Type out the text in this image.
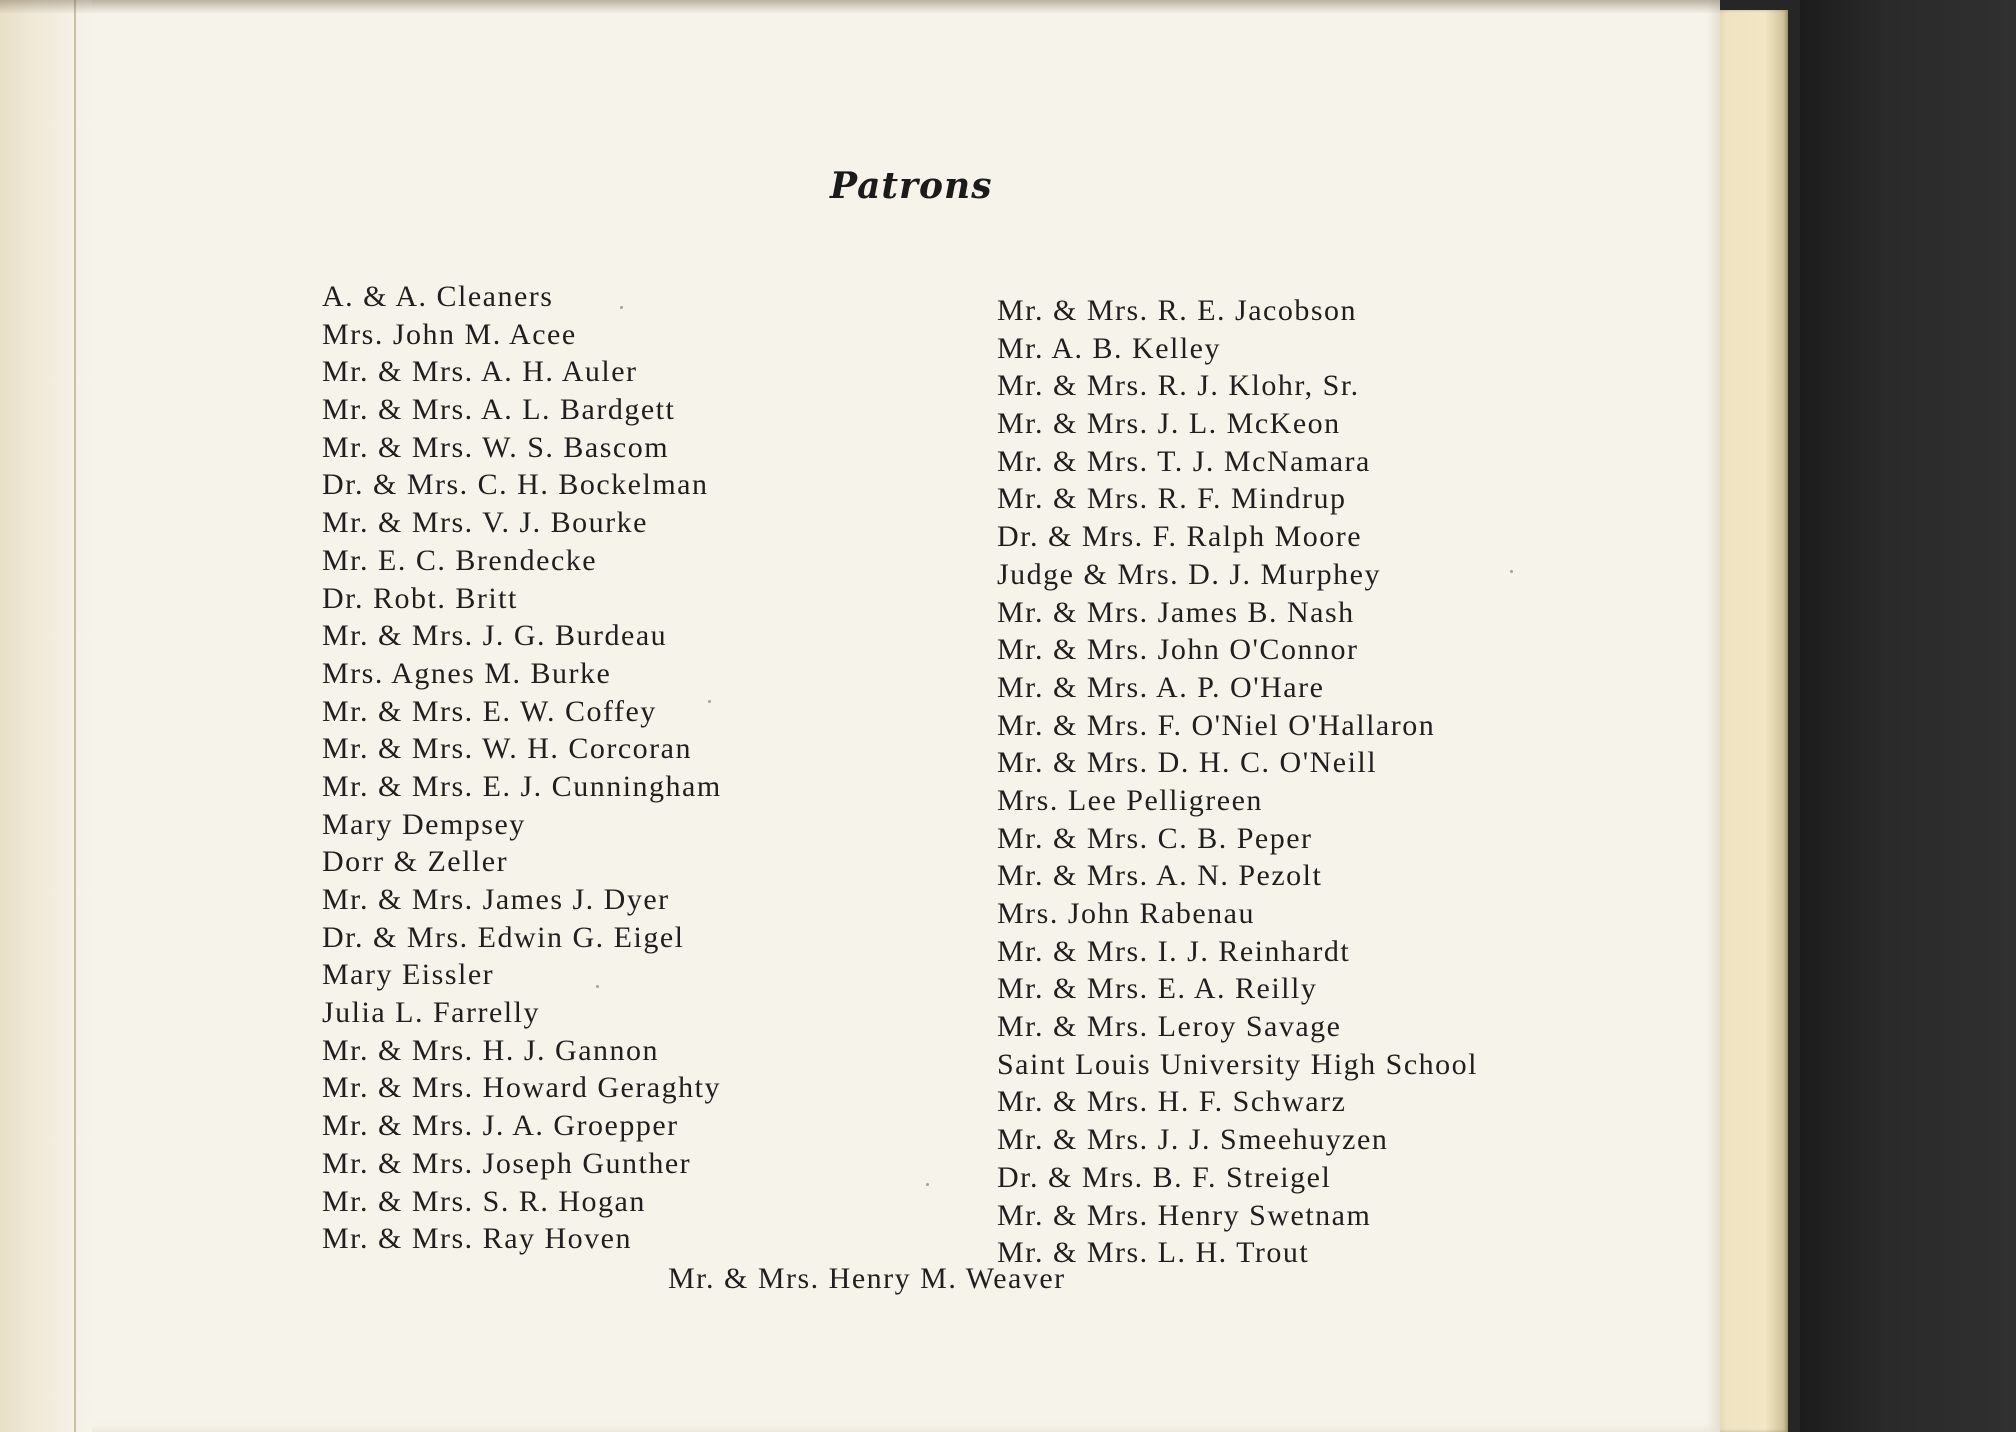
Patrons
A. & A. Cleaners
Mrs. John M. Acee
Mr. & Mrs. A. H. Auler
Mr. & Mrs. A. L. Bardgett
Mr. & Mrs. W. S. Bascom
Dr. & Mrs. C. H. Bockelman
Mr. & Mrs. V. J. Bourke
Mr. E. C. Brendecke
Dr. Robt. Britt
Mr. & Mrs. J. G. Burdeau
Mrs. Agnes M. Burke
Mr. & Mrs. E. W. Coffey
Mr. & Mrs. W. H. Corcoran
Mr. & Mrs. E. J. Cunningham
Mary Dempsey
Dorr & Zeller
Mr. & Mrs. James J. Dyer
Dr. & Mrs. Edwin G. Eigel
Mary Eissler
Julia L. Farrelly
Mr. & Mrs. H. J. Gannon
Mr. & Mrs. Howard Geraghty
Mr. & Mrs. J. A. Groepper
Mr. & Mrs. Joseph Gunther
Mr. & Mrs. S. R. Hogan
Mr. & Mrs. Ray Hoven
Mr. & Mrs. R. E. Jacobson
Mr. A. B. Kelley
Mr. & Mrs. R. J. Klohr, Sr.
Mr. & Mrs. J. L. McKeon
Mr. & Mrs. T. J. McNamara
Mr. & Mrs. R. F. Mindrup
Dr. & Mrs. F. Ralph Moore
Judge & Mrs. D. J. Murphey
Mr. & Mrs. James B. Nash
Mr. & Mrs. John O'Connor
Mr. & Mrs. A. P. O'Hare
Mr. & Mrs. F. O'Niel O'Hallaron
Mr. & Mrs. D. H. C. O'Neill
Mrs. Lee Pelligreen
Mr. & Mrs. C. B. Peper
Mr. & Mrs. A. N. Pezolt
Mrs. John Rabenau
Mr. & Mrs. I. J. Reinhardt
Mr. & Mrs. E. A. Reilly
Mr. & Mrs. Leroy Savage
Saint Louis University High School
Mr. & Mrs. H. F. Schwarz
Mr. & Mrs. J. J. Smeehuyzen
Dr. & Mrs. B. F. Streigel
Mr. & Mrs. Henry Swetnam
Mr. & Mrs. L. H. Trout
Mr. & Mrs. Henry M. Weaver
